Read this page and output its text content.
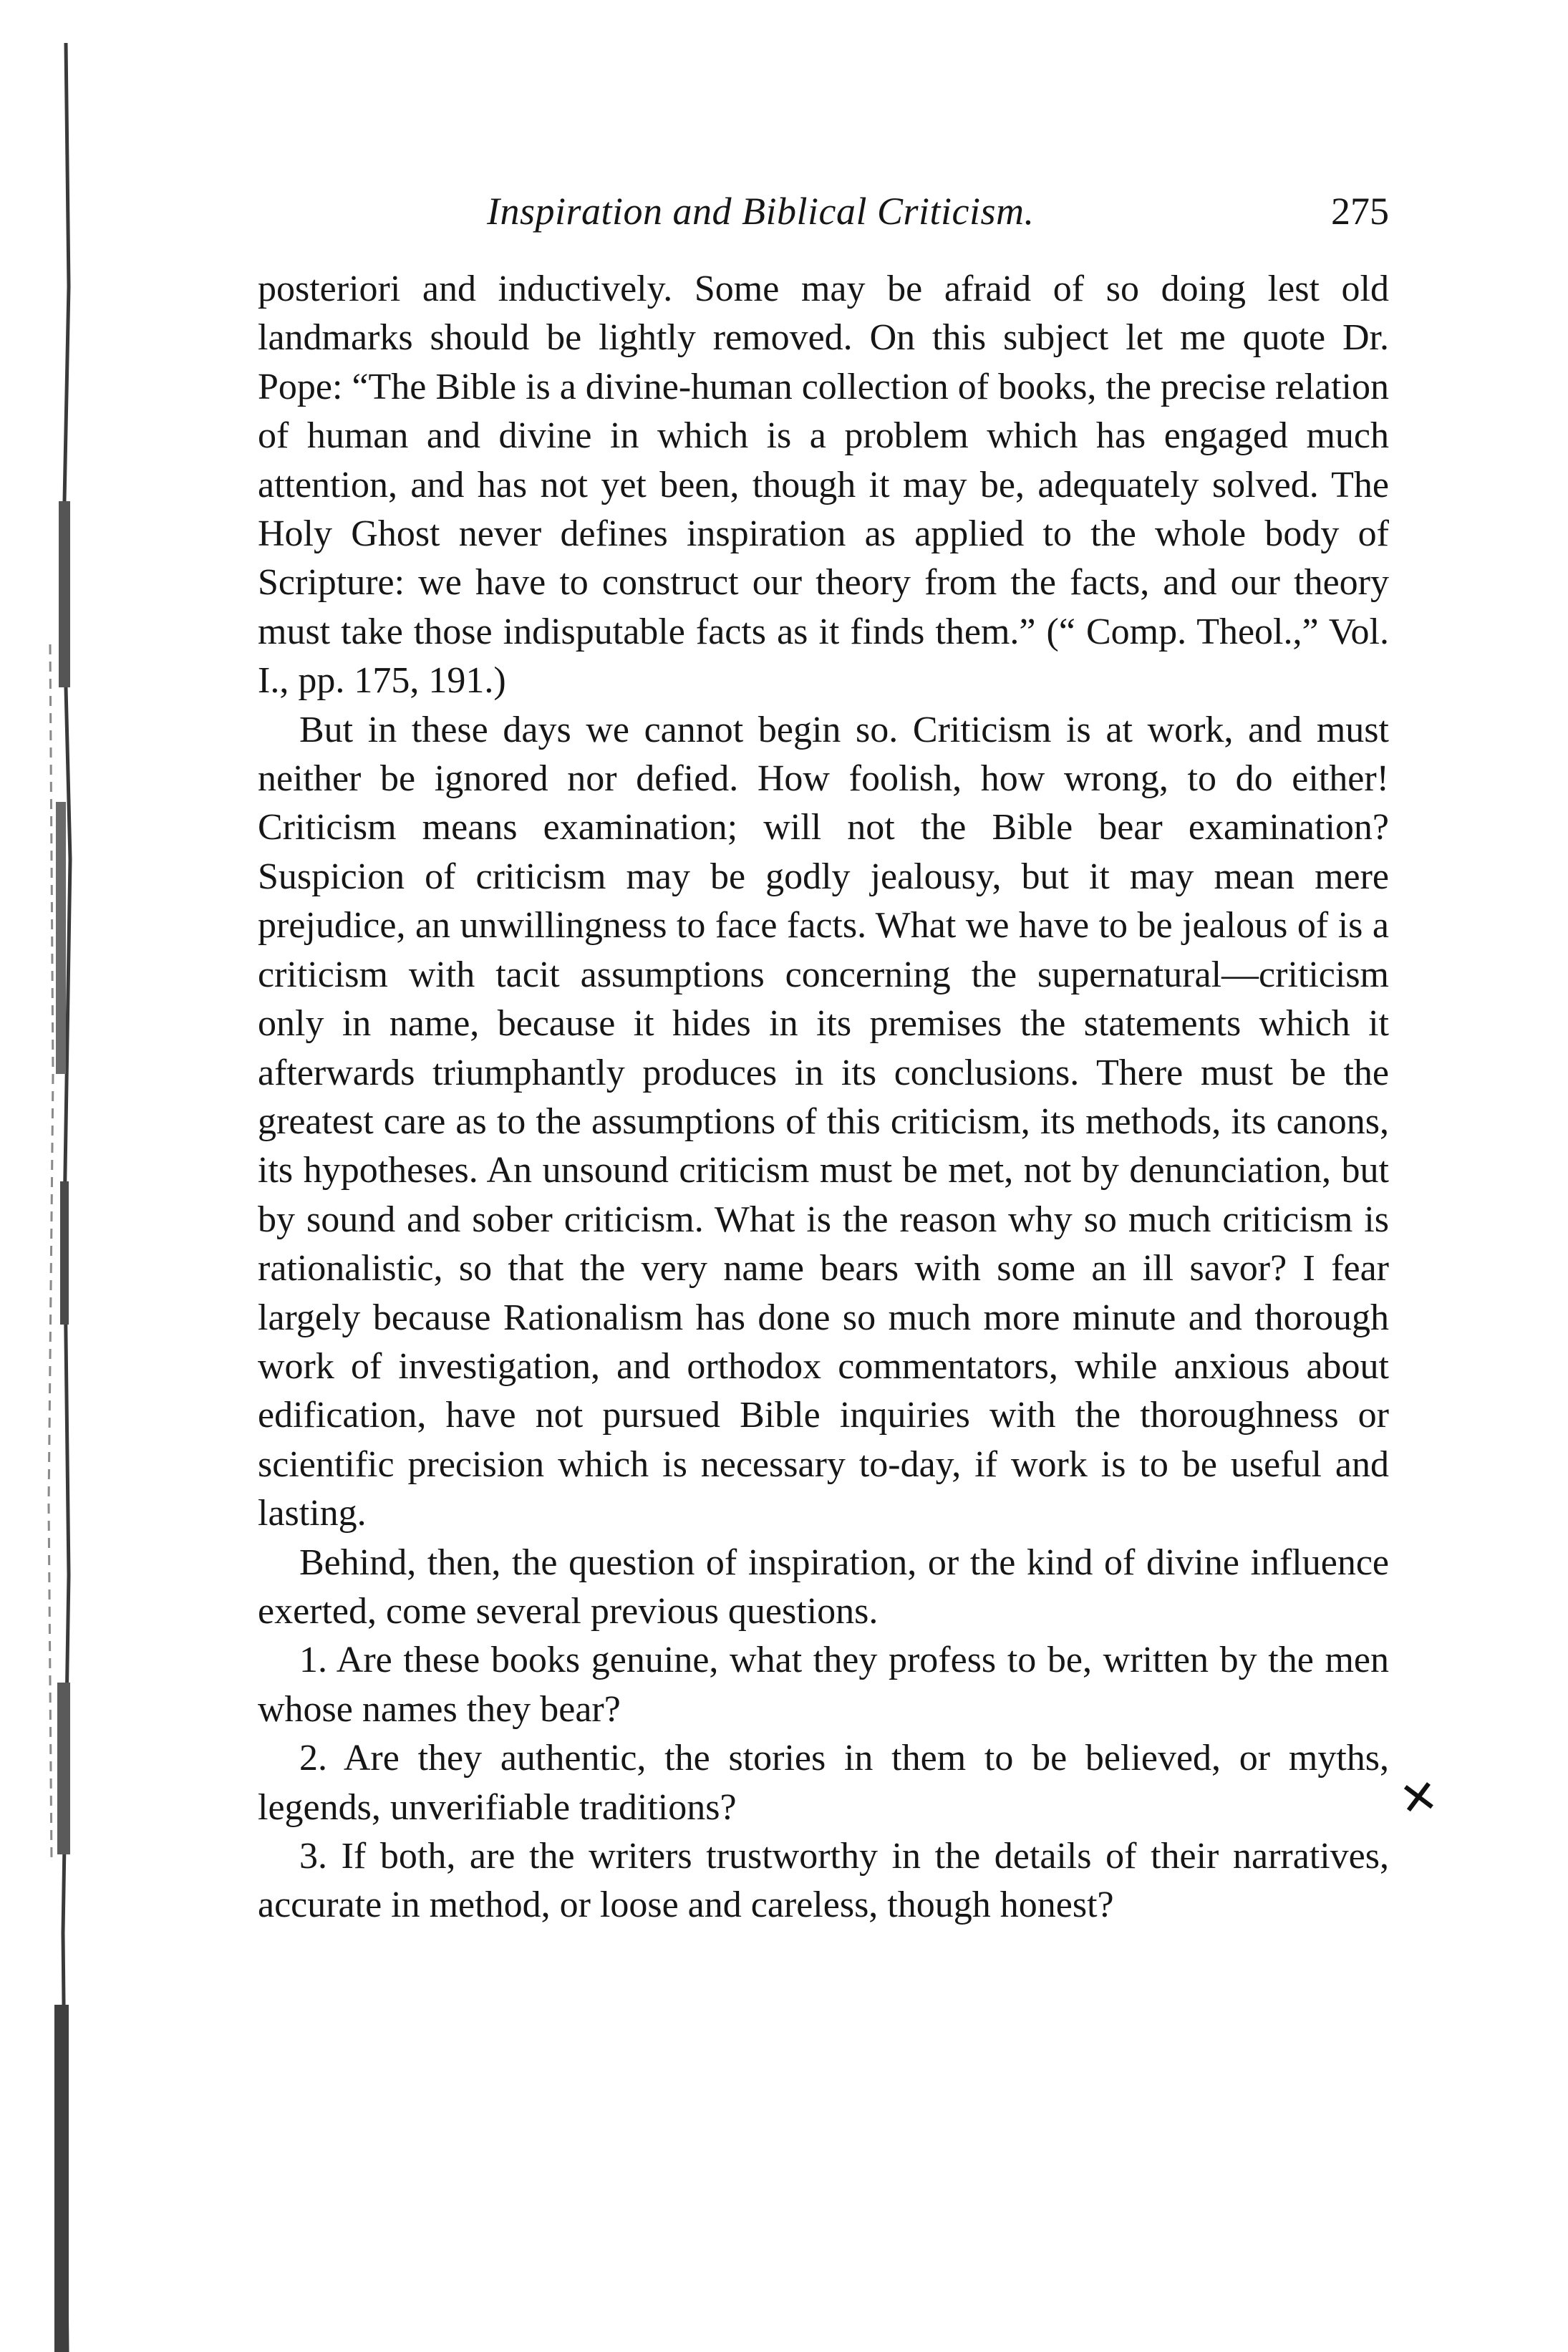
Inspiration and Biblical Criticism.	275

posteriori and inductively. Some may be afraid of so doing lest old landmarks should be lightly removed. On this subject let me quote Dr. Pope: “The Bible is a divine-human collection of books, the precise relation of human and divine in which is a problem which has engaged much attention, and has not yet been, though it may be, adequately solved. The Holy Ghost never defines inspiration as applied to the whole body of Scripture: we have to construct our theory from the facts, and our theory must take those indisputable facts as it finds them.” (“ Comp. Theol.,” Vol. I., pp. 175, 191.)

But in these days we cannot begin so. Criticism is at work, and must neither be ignored nor defied. How foolish, how wrong, to do either! Criticism means examination; will not the Bible bear examination? Suspicion of criticism may be godly jealousy, but it may mean mere prejudice, an unwillingness to face facts. What we have to be jealous of is a criticism with tacit assumptions concerning the supernatural—criticism only in name, because it hides in its premises the statements which it afterwards triumphantly produces in its conclusions. There must be the greatest care as to the assumptions of this criticism, its methods, its canons, its hypotheses. An unsound criticism must be met, not by denunciation, but by sound and sober criticism. What is the reason why so much criticism is rationalistic, so that the very name bears with some an ill savor? I fear largely because Rationalism has done so much more minute and thorough work of investigation, and orthodox commentators, while anxious about edification, have not pursued Bible inquiries with the thoroughness or scientific precision which is necessary to-day, if work is to be useful and lasting.

Behind, then, the question of inspiration, or the kind of divine influence exerted, come several previous questions.

1. Are these books genuine, what they profess to be, written by the men whose names they bear?

2. Are they authentic, the stories in them to be believed, or myths, legends, unverifiable traditions?

3. If both, are the writers trustworthy in the details of their narratives, accurate in method, or loose and careless, though honest?

✕
